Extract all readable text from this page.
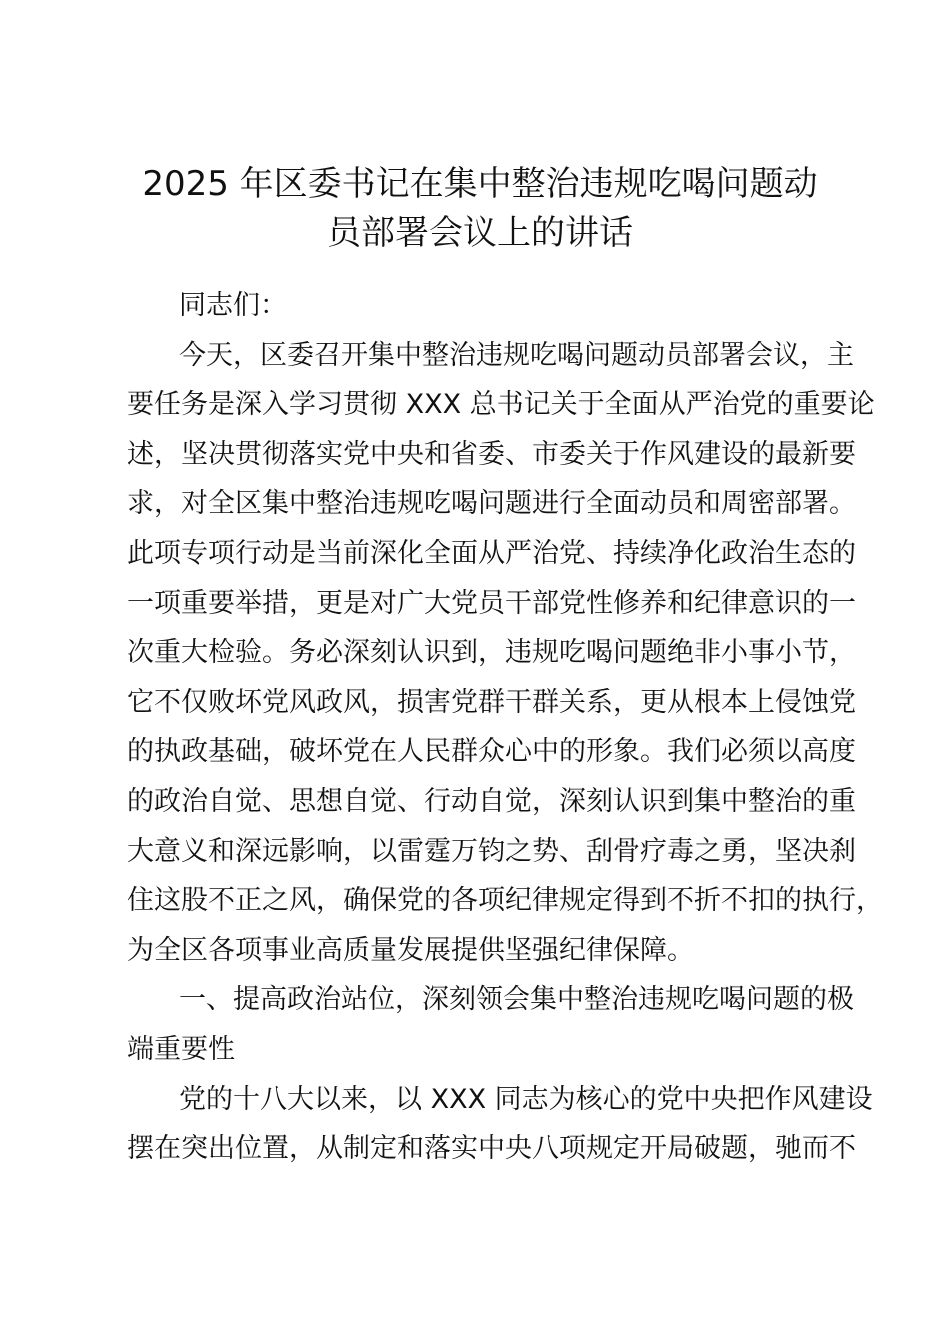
2025 年区委书记在集中整治违规吃喝问题动
员部署会议上的讲话
同志们：
今天，区委召开集中整治违规吃喝问题动员部署会议，主
要任务是深入学习贯彻 XXX 总书记关于全面从严治党的重要论
述，坚决贯彻落实党中央和省委、市委关于作风建设的最新要
求，对全区集中整治违规吃喝问题进行全面动员和周密部署。
此项专项行动是当前深化全面从严治党、持续净化政治生态的
一项重要举措，更是对广大党员干部党性修养和纪律意识的一
次重大检验。务必深刻认识到，违规吃喝问题绝非小事小节，
它不仅败坏党风政风，损害党群干群关系，更从根本上侵蚀党
的执政基础，破坏党在人民群众心中的形象。我们必须以高度
的政治自觉、思想自觉、行动自觉，深刻认识到集中整治的重
大意义和深远影响，以雷霆万钧之势、刮骨疗毒之勇，坚决刹
住这股不正之风，确保党的各项纪律规定得到不折不扣的执行，
为全区各项事业高质量发展提供坚强纪律保障。
一、提高政治站位，深刻领会集中整治违规吃喝问题的极
端重要性
党的十八大以来，以 XXX 同志为核心的党中央把作风建设
摆在突出位置，从制定和落实中央八项规定开局破题，驰而不
